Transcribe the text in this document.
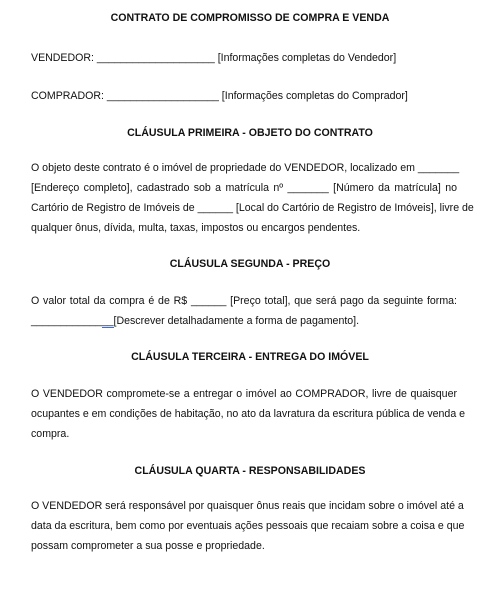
CONTRATO DE COMPROMISSO DE COMPRA E VENDA

VENDEDOR: ____________________ [Informações completas do Vendedor]

COMPRADOR: ___________________ [Informações completas do Comprador]

CLÁUSULA PRIMEIRA - OBJETO DO CONTRATO
O objeto deste contrato é o imóvel de propriedade do VENDEDOR, localizado em _______
[Endereço completo], cadastrado sob a matrícula nº _______ [Número da matrícula] no
Cartório de Registro de Imóveis de ______ [Local do Cartório de Registro de Imóveis], livre de
qualquer ônus, dívida, multa, taxas, impostos ou encargos pendentes.
CLÁUSULA SEGUNDA - PREÇO
O valor total da compra é de R$ ______ [Preço total], que será pago da seguinte forma:
______________[Descrever detalhadamente a forma de pagamento].
CLÁUSULA TERCEIRA - ENTREGA DO IMÓVEL
O VENDEDOR compromete-se a entregar o imóvel ao COMPRADOR, livre de quaisquer
ocupantes e em condições de habitação, no ato da lavratura da escritura pública de venda e
compra.
CLÁUSULA QUARTA - RESPONSABILIDADES
O VENDEDOR será responsável por quaisquer ônus reais que incidam sobre o imóvel até a
data da escritura, bem como por eventuais ações pessoais que recaiam sobre a coisa e que
possam comprometer a sua posse e propriedade.
